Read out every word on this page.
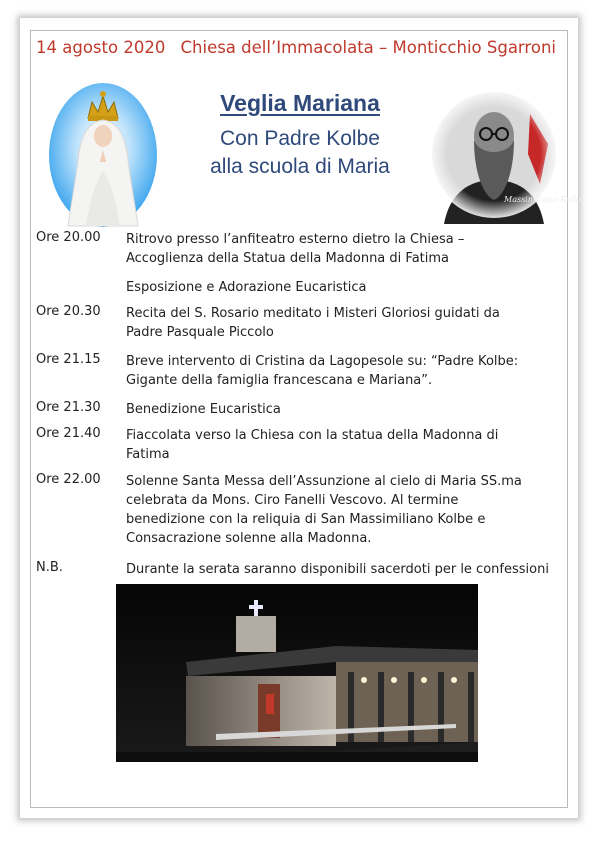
14 agosto 2020 Chiesa dell’Immacolata – Monticchio Sgarroni
Veglia Mariana
Con Padre Kolbe
alla scuola di Maria
Massimiliano Kolbe
Ore 20.00	Ritrovo presso l’anfiteatro esterno dietro la Chiesa –
Accoglienza della Statua della Madonna di Fatima
Esposizione e Adorazione Eucaristica
Ore 20.30	Recita del S. Rosario meditato i Misteri Gloriosi guidati da
Padre Pasquale Piccolo
Ore 21.15	Breve intervento di Cristina da Lagopesole su: “Padre Kolbe:
Gigante della famiglia francescana e Mariana”.
Ore 21.30	Benedizione Eucaristica
Ore 21.40	Fiaccolata verso la Chiesa con la statua della Madonna di
Fatima
Ore 22.00	Solenne Santa Messa dell’Assunzione al cielo di Maria SS.ma
celebrata da Mons. Ciro Fanelli Vescovo. Al termine
benedizione con la reliquia di San Massimiliano Kolbe e
Consacrazione solenne alla Madonna.
N.B.	Durante la serata saranno disponibili sacerdoti per le confessioni
